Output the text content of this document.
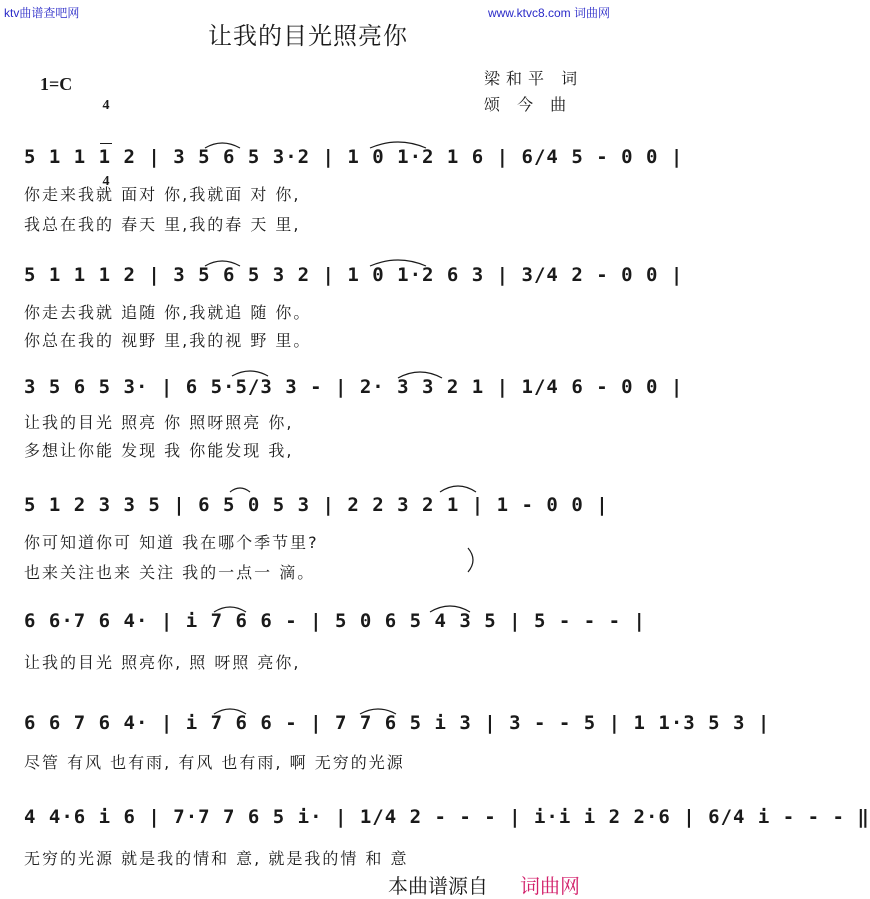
ktv曲谱查吧网	www.ktvc8.com 词曲网
让我的目光照亮你
1=C

4

4

梁和平 词
颂 今 曲
5 1 1 1 2 | 3 5 6 5 3·2 | 1 0 1·2 1 6 | 6/4 5 - 0 0 |
你走来我就 面对 你,我就面 对 你,
我总在我的 春天 里,我的春 天 里,
5 1 1 1 2 | 3 5 6 5 3 2 | 1 0 1·2 6 3 | 3/4 2 - 0 0 |
你走去我就 追随 你,我就追 随 你。
你总在我的 视野 里,我的视 野 里。
3 5 6 5 3· | 6 5·5/3 3 - | 2· 3 3 2 1 | 1/4 6 - 0 0 |
让我的目光 照亮 你 照呀照亮 你,
多想让你能 发现 我 你能发现 我,
5 1 2 3 3 5 | 6 5 0 5 3 | 2 2 3 2 1 | 1 - 0 0 |
你可知道你可 知道 我在哪个季节里?
也来关注也来 关注 我的一点一 滴。
6 6·7 6 4· | i 7 6 6 - | 5 0 6 5 4 3 5 | 5 - - - |
让我的目光 照亮你, 照 呀照 亮你,
6 6 7 6 4· | i 7 6 6 - | 7 7 6 5 i 3 | 3 - - 5 | 1 1·3 5 3 |
尽管 有风 也有雨, 有风 也有雨, 啊 无穷的光源
4 4·6 i 6 | 7·7 7 6 5 i· | 1/4 2 - - - | i·i i 2 2·6 | 6/4 i - - - ‖
无穷的光源 就是我的情和 意, 就是我的情 和 意
本曲谱源自 词曲网
